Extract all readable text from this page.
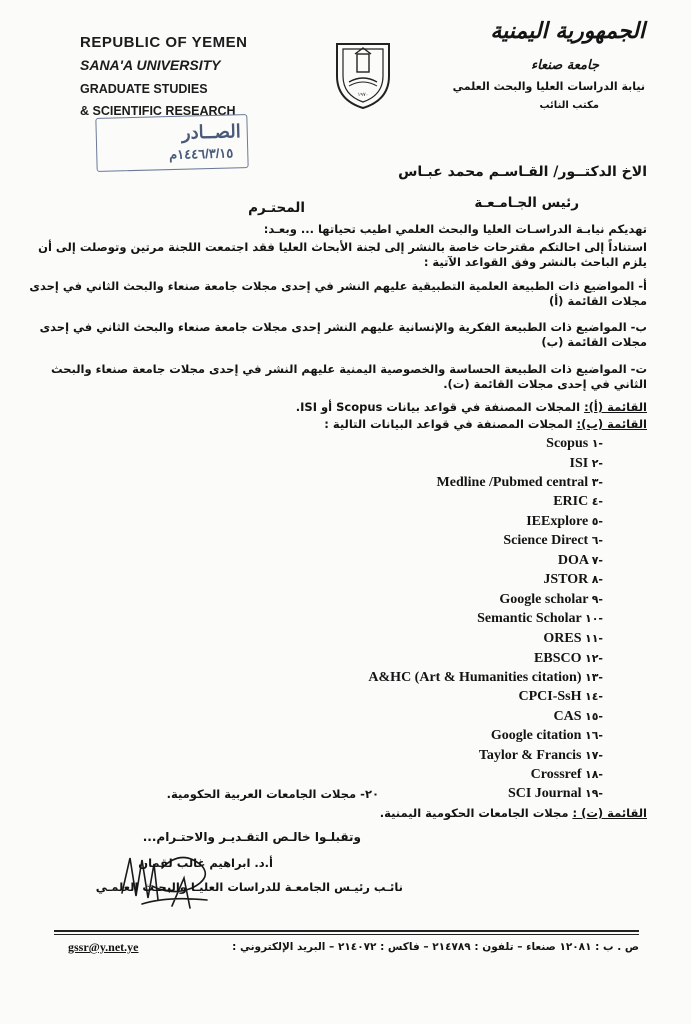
REPUBLIC OF YEMEN
SANA'A UNIVERSITY
GRADUATE STUDIES
& SCIENTIFIC RESEARCH
١٩٧٠
الجمهورية اليمنية
جامعة صنعاء
نيابة الدراسات العليا والبحث العلمي
مكتب النائب
الصــادر
١٤٤٦/٣/١٥م
الاخ الدكتــور/ القـاسـم محمد عبـاس
رئيس الجـامـعـة
المحتـرم
تهديكم نيابـة الدراسـات العليا والبحث العلمي اطيب تحياتها ... وبعـد:
استناداً إلى احالتكم مقترحات خاصة بالنشر إلى لجنة الأبحاث العليا فقد اجتمعت اللجنة مرتين وتوصلت إلى أن يلزم الباحث بالنشر وفق القواعد الآتية :
أ- المواضيع ذات الطبيعة العلمية التطبيقية عليهم النشر في إحدى مجلات جامعة صنعاء والبحث الثاني في إحدى مجلات القائمة (أ)
ب- المواضيع ذات الطبيعة الفكرية والإنسانية عليهم النشر إحدى مجلات جامعة صنعاء والبحث الثاني في إحدى مجلات القائمة (ب)
ت- المواضيع ذات الطبيعة الحساسة والخصوصية اليمنية عليهم النشر في إحدى مجلات جامعة صنعاء والبحث الثاني في إحدى مجلات القائمة (ت).
القائمة (أ): المجلات المصنفة في قواعد بيانات Scopus أو ISI.
القائمة (ب): المجلات المصنفة في قواعد البيانات التالية :
Scopus ١-
ISI ٢-
Medline /Pubmed central ٣-
ERIC ٤-
IEExplore ٥-
Science Direct ٦-
DOA ٧-
JSTOR ٨-
Google scholar ٩-
Semantic Scholar ١٠-
ORES ١١-
EBSCO ١٢-
A&HC (Art & Humanities citation) ١٣-
CPCI-SsH ١٤-
CAS ١٥-
Google citation ١٦-
Taylor & Francis ١٧-
Crossref ١٨-
SCI Journal ١٩-
٢٠- مجلات الجامعات العربية الحكومية.
القائمة (ت) : مجلات الجامعات الحكومية اليمنية.
وتقبلـوا خالـص التقـديـر والاحتـرام...
أ.د. ابراهيم غالب لقمان
نائـب رئيـس الجامعـة للدراسات العليـا والبحـث العلمـي
ص . ب : ١٢٠٨١ صنعاء – تلفون : ٢١٤٧٨٩ – فاكس : ٢١٤٠٧٢ – البريد الإلكتروني :
gssr@y.net.ye
